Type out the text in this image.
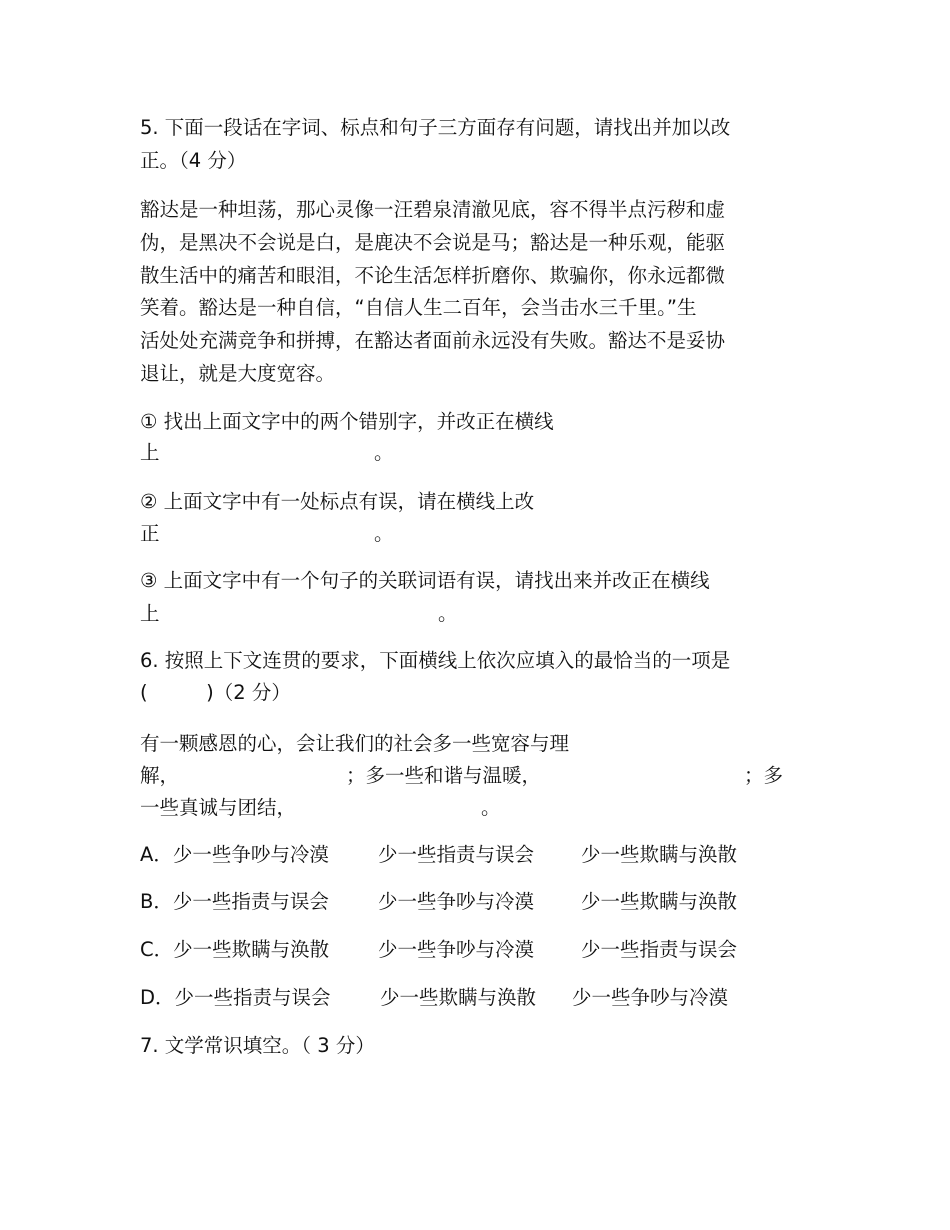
5. 下面一段话在字词、标点和句子三方面存有问题，请找出并加以改
正。（4 分）
豁达是一种坦荡，那心灵像一汪碧泉清澈见底，容不得半点污秽和虚
伪，是黑决不会说是白，是鹿决不会说是马；豁达是一种乐观，能驱
散生活中的痛苦和眼泪，不论生活怎样折磨你、欺骗你，你永远都微
笑着。豁达是一种自信，“自信人生二百年，会当击水三千里。”生
活处处充满竞争和拼搏，在豁达者面前永远没有失败。豁达不是妥协
退让，就是大度宽容。
① 找出上面文字中的两个错别字，并改正在横线
上	。
② 上面文字中有一处标点有误，请在横线上改
正	。
③ 上面文字中有一个句子的关联词语有误，请找出来并改正在横线
上	。
6. 按照上下文连贯的要求，下面横线上依次应填入的最恰当的一项是
(　　　)（2 分）
有一颗感恩的心，会让我们的社会多一些宽容与理
解，	；多一些和谐与温暖，	；多
一些真诚与团结，	。
A．少一些争吵与冷漠	少一些指责与误会 少一些欺瞒与涣散
B．少一些指责与误会	少一些争吵与冷漠 少一些欺瞒与涣散
C．少一些欺瞒与涣散	少一些争吵与冷漠 少一些指责与误会
D．少一些指责与误会	少一些欺瞒与涣散 少一些争吵与冷漠
7. 文学常识填空。（ 3 分）
